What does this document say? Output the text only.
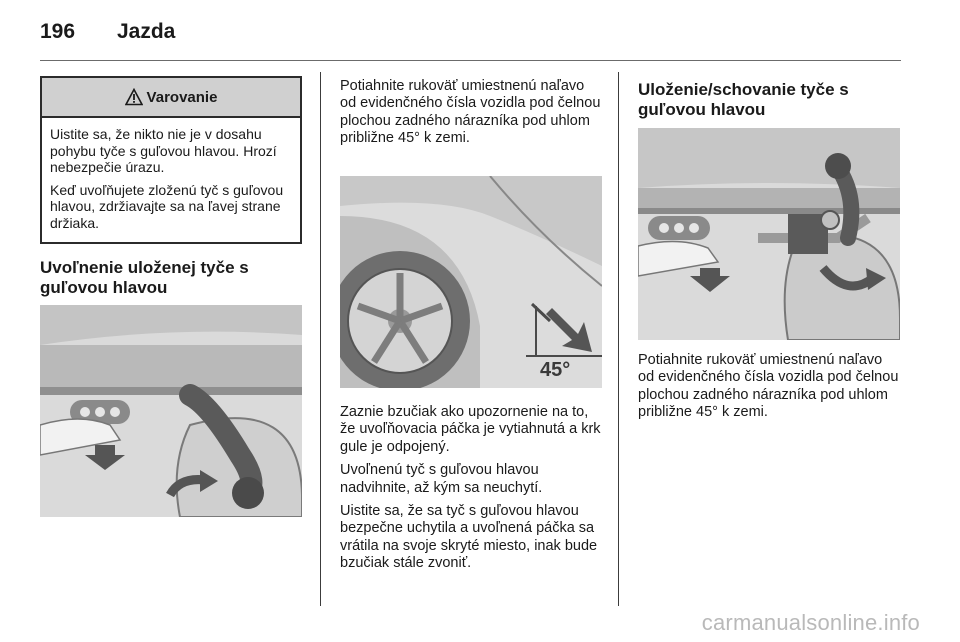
196 Jazda
Varovanie

Uistite sa, že nikto nie je v dosahu pohybu tyče s guľovou hlavou. Hrozí nebezpečie úrazu.

Keď uvoľňujete zloženú tyč s guľovou hlavou, zdržiavajte sa na ľavej strane držiaka.

Uvoľnenie uloženej tyče s guľovou hlavou

Potiahnite rukoväť umiestnenú naľavo od evidenčného čísla vozidla pod čelnou plochou zadného nárazníka pod uhlom približne 45° k zemi.

45°

Zaznie bzučiak ako upozornenie na to, že uvoľňovacia páčka je vytiahnutá a krk gule je odpojený.

Uvoľnenú tyč s guľovou hlavou nadvihnite, až kým sa neuchytí.

Uistite sa, že sa tyč s guľovou hlavou bezpečne uchytila a uvoľnená páčka sa vrátila na svoje skryté miesto, inak bude bzučiak stále zvoniť.

Uloženie/schovanie tyče s guľovou hlavou

Potiahnite rukoväť umiestnenú naľavo od evidenčného čísla vozidla pod čelnou plochou zadného nárazníka pod uhlom približne 45° k zemi.

carmanualsonline.info
